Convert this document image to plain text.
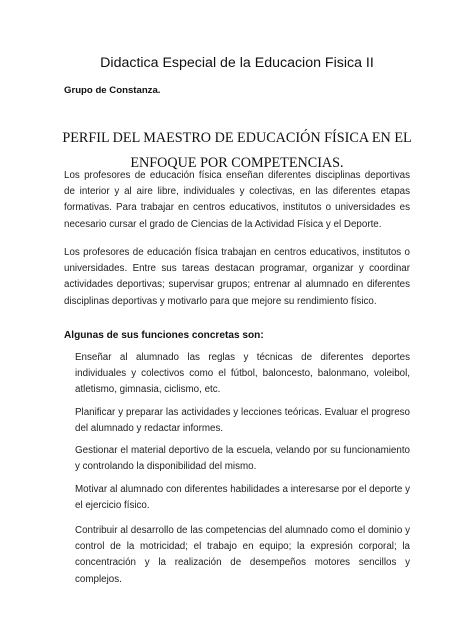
Didactica Especial de la Educacion Fisica II
Grupo de Constanza.
PERFIL DEL MAESTRO DE EDUCACIÓN FÍSICA EN EL ENFOQUE POR COMPETENCIAS.
Los profesores de educación física enseñan diferentes disciplinas deportivas de interior y al aire libre, individuales y colectivas, en las diferentes etapas formativas. Para trabajar en centros educativos, institutos o universidades es necesario cursar el grado de Ciencias de la Actividad Física y el Deporte.
Los profesores de educación física trabajan en centros educativos, institutos o universidades. Entre sus tareas destacan programar, organizar y coordinar actividades deportivas; supervisar grupos; entrenar al alumnado en diferentes disciplinas deportivas y motivarlo para que mejore su rendimiento físico.
Algunas de sus funciones concretas son:
Enseñar al alumnado las reglas y técnicas de diferentes deportes individuales y colectivos como el fútbol, baloncesto, balonmano, voleibol, atletismo, gimnasia, ciclismo, etc.
Planificar y preparar las actividades y lecciones teóricas. Evaluar el progreso del alumnado y redactar informes.
Gestionar el material deportivo de la escuela, velando por su funcionamiento y controlando la disponibilidad del mismo.
Motivar al alumnado con diferentes habilidades a interesarse por el deporte y el ejercicio físico.
Contribuir al desarrollo de las competencias del alumnado como el dominio y control de la motricidad; el trabajo en equipo; la expresión corporal; la concentración y la realización de desempeños motores sencillos y complejos.
